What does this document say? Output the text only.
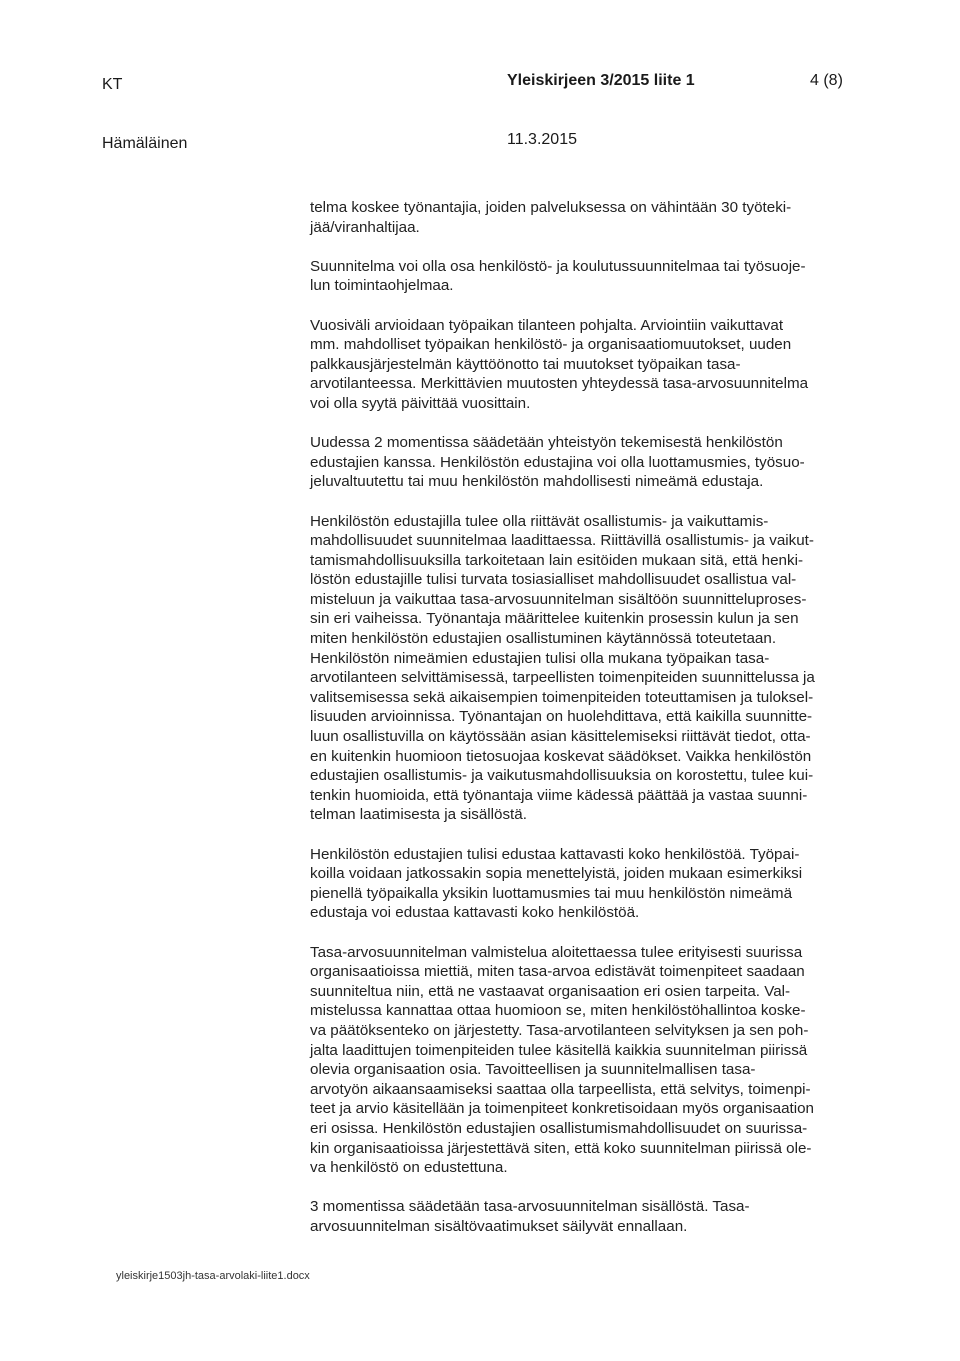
KT	Yleiskirjeen 3/2015 liite 1	4 (8)
Hämäläinen	11.3.2015

telma koskee työnantajia, joiden palveluksessa on vähintään 30 työteki-
jää/viranhaltijaa.

Suunnitelma voi olla osa henkilöstö- ja koulutussuunnitelmaa tai työsuoje-
lun toimintaohjelmaa.

Vuosiväli arvioidaan työpaikan tilanteen pohjalta. Arviointiin vaikuttavat
mm. mahdolliset työpaikan henkilöstö- ja organisaatiomuutokset, uuden
palkkausjärjestelmän käyttöönotto tai muutokset työpaikan tasa-
arvotilanteessa. Merkittävien muutosten yhteydessä tasa-arvosuunnitelma
voi olla syytä päivittää vuosittain.

Uudessa 2 momentissa säädetään yhteistyön tekemisestä henkilöstön
edustajien kanssa. Henkilöstön edustajina voi olla luottamusmies, työsuo-
jeluvaltuutettu tai muu henkilöstön mahdollisesti nimeämä edustaja.

Henkilöstön edustajilla tulee olla riittävät osallistumis- ja vaikuttamis-
mahdollisuudet suunnitelmaa laadittaessa. Riittävillä osallistumis- ja vaikut-
tamismahdollisuuksilla tarkoitetaan lain esitöiden mukaan sitä, että henki-
löstön edustajille tulisi turvata tosiasialliset mahdollisuudet osallistua val-
misteluun ja vaikuttaa tasa-arvosuunnitelman sisältöön suunnitteluproses-
sin eri vaiheissa. Työnantaja määrittelee kuitenkin prosessin kulun ja sen
miten henkilöstön edustajien osallistuminen käytännössä toteutetaan.
Henkilöstön nimeämien edustajien tulisi olla mukana työpaikan tasa-
arvotilanteen selvittämisessä, tarpeellisten toimenpiteiden suunnittelussa ja
valitsemisessa sekä aikaisempien toimenpiteiden toteuttamisen ja tuloksel-
lisuuden arvioinnissa. Työnantajan on huolehdittava, että kaikilla suunnitte-
luun osallistuvilla on käytössään asian käsittelemiseksi riittävät tiedot, otta-
en kuitenkin huomioon tietosuojaa koskevat säädökset. Vaikka henkilöstön
edustajien osallistumis- ja vaikutusmahdollisuuksia on korostettu, tulee kui-
tenkin huomioida, että työnantaja viime kädessä päättää ja vastaa suunni-
telman laatimisesta ja sisällöstä.

Henkilöstön edustajien tulisi edustaa kattavasti koko henkilöstöä. Työpai-
koilla voidaan jatkossakin sopia menettelyistä, joiden mukaan esimerkiksi
pienellä työpaikalla yksikin luottamusmies tai muu henkilöstön nimeämä
edustaja voi edustaa kattavasti koko henkilöstöä.

Tasa-arvosuunnitelman valmistelua aloitettaessa tulee erityisesti suurissa
organisaatioissa miettiä, miten tasa-arvoa edistävät toimenpiteet saadaan
suunniteltua niin, että ne vastaavat organisaation eri osien tarpeita. Val-
mistelussa kannattaa ottaa huomioon se, miten henkilöstöhallintoa koske-
va päätöksenteko on järjestetty. Tasa-arvotilanteen selvityksen ja sen poh-
jalta laadittujen toimenpiteiden tulee käsitellä kaikkia suunnitelman piirissä
olevia organisaation osia. Tavoitteellisen ja suunnitelmallisen tasa-
arvotyön aikaansaamiseksi saattaa olla tarpeellista, että selvitys, toimenpi-
teet ja arvio käsitellään ja toimenpiteet konkretisoidaan myös organisaation
eri osissa. Henkilöstön edustajien osallistumismahdollisuudet on suurissa-
kin organisaatioissa järjestettävä siten, että koko suunnitelman piirissä ole-
va henkilöstö on edustettuna.

3 momentissa säädetään tasa-arvosuunnitelman sisällöstä. Tasa-
arvosuunnitelman sisältövaatimukset säilyvät ennallaan.

yleiskirje1503jh-tasa-arvolaki-liite1.docx
